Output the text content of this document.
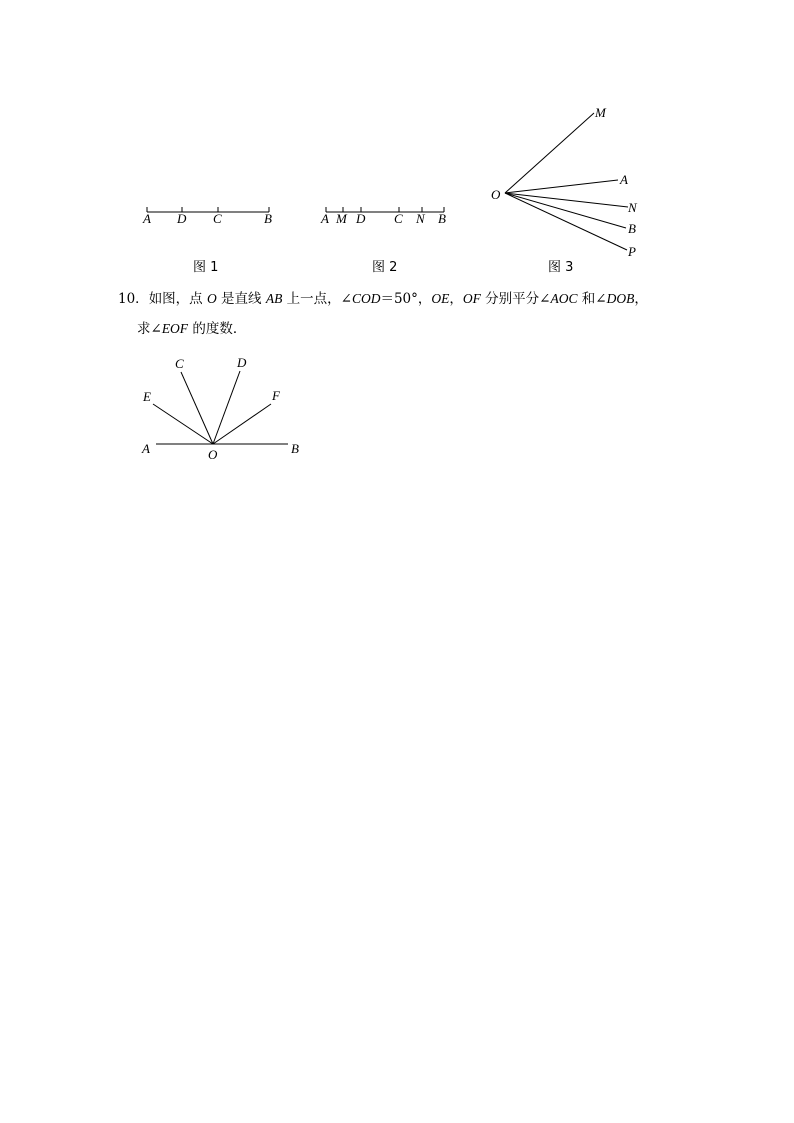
A D C	B
图 1
A M D C N B
图 2
O
M
A
N
B
P
图 3
10．如图，点 O 是直线 AB 上一点，∠COD＝50°，OE，OF 分别平分∠AOC 和∠DOB，
求∠EOF 的度数．
A	B
O
E
C	D
F
